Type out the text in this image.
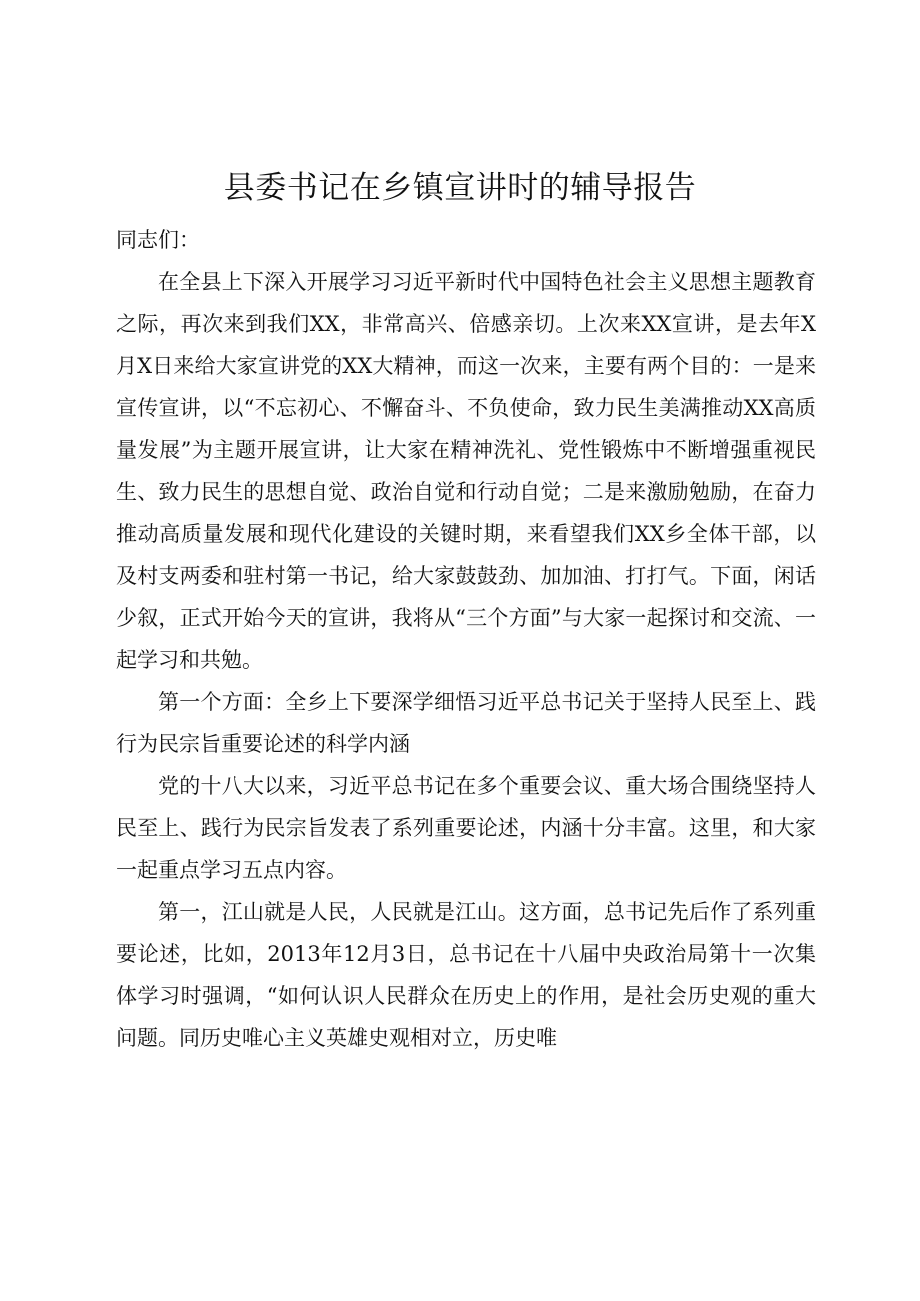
县委书记在乡镇宣讲时的辅导报告

同志们：

在全县上下深入开展学习习近平新时代中国特色社会主义思想主题教育之际，再次来到我们XX，非常高兴、倍感亲切。上次来XX宣讲，是去年X月X日来给大家宣讲党的XX大精神，而这一次来，主要有两个目的：一是来宣传宣讲，以“不忘初心、不懈奋斗、不负使命，致力民生美满推动XX高质量发展”为主题开展宣讲，让大家在精神洗礼、党性锻炼中不断增强重视民生、致力民生的思想自觉、政治自觉和行动自觉；二是来激励勉励，在奋力推动高质量发展和现代化建设的关键时期，来看望我们XX乡全体干部，以及村支两委和驻村第一书记，给大家鼓鼓劲、加加油、打打气。下面，闲话少叙，正式开始今天的宣讲，我将从“三个方面”与大家一起探讨和交流、一起学习和共勉。

第一个方面：全乡上下要深学细悟习近平总书记关于坚持人民至上、践行为民宗旨重要论述的科学内涵

党的十八大以来，习近平总书记在多个重要会议、重大场合围绕坚持人民至上、践行为民宗旨发表了系列重要论述，内涵十分丰富。这里，和大家一起重点学习五点内容。

第一，江山就是人民，人民就是江山。这方面，总书记先后作了系列重要论述，比如，2013年12月3日，总书记在十八届中央政治局第十一次集体学习时强调，“如何认识人民群众在历史上的作用，是社会历史观的重大问题。同历史唯心主义英雄史观相对立，历史唯
